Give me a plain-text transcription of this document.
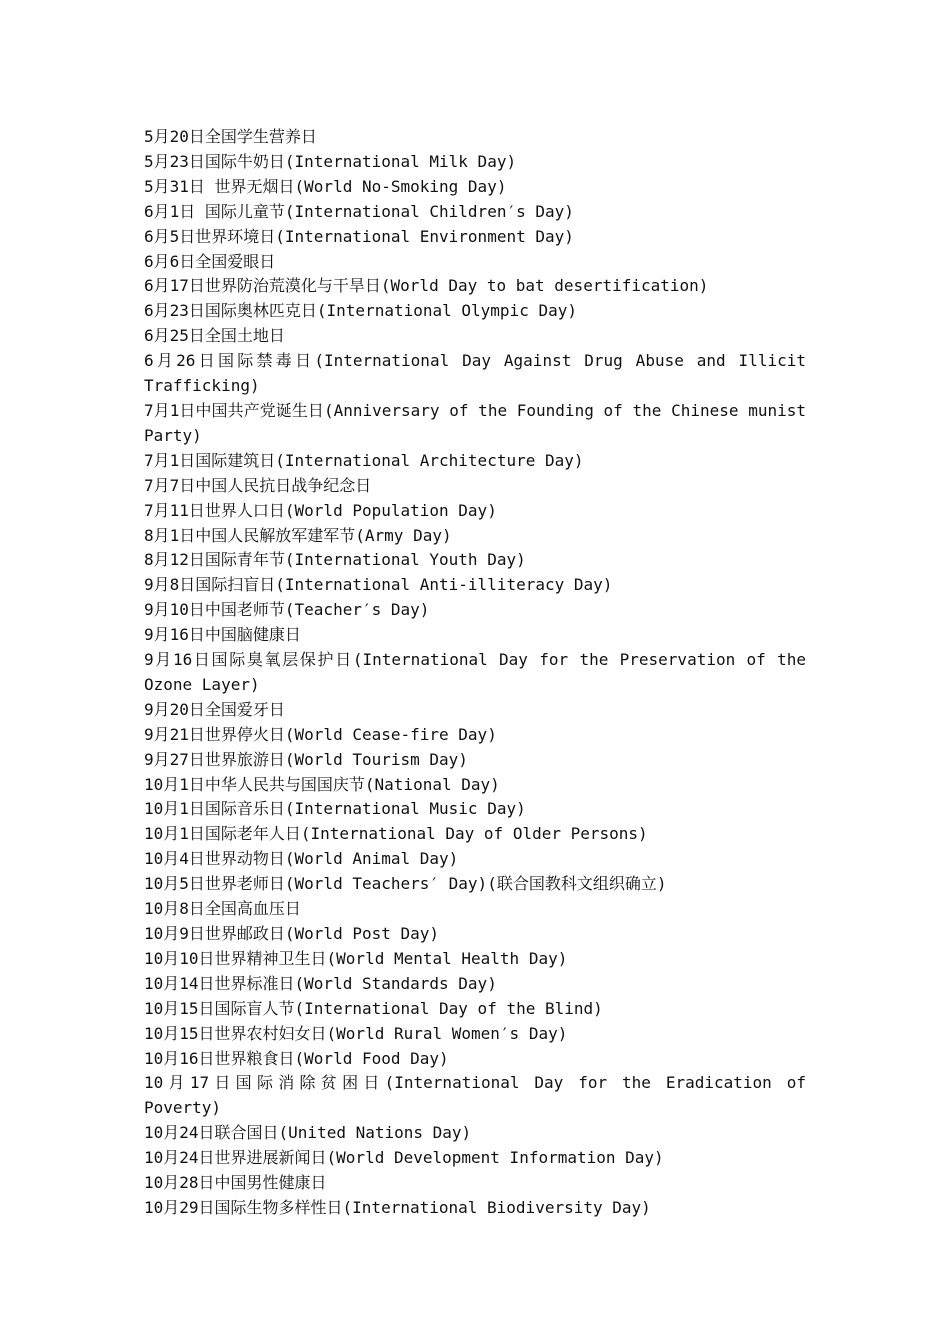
5月20日全国学生营养日
5月23日国际牛奶日(International Milk Day)
5月31日 世界无烟日(World No-Smoking Day)
6月1日 国际儿童节(International Children′s Day)
6月5日世界环境日(International Environment Day)
6月6日全国爱眼日
6月17日世界防治荒漠化与干旱日(World Day to bat desertification)
6月23日国际奥林匹克日(International Olympic Day)
6月25日全国土地日
6月26日国际禁毒日(International Day Against Drug Abuse and Illicit Trafficking)
7月1日中国共产党诞生日(Anniversary of the Founding of the Chinese munist Party)
7月1日国际建筑日(International Architecture Day)
7月7日中国人民抗日战争纪念日
7月11日世界人口日(World Population Day)
8月1日中国人民解放军建军节(Army Day)
8月12日国际青年节(International Youth Day)
9月8日国际扫盲日(International Anti-illiteracy Day)
9月10日中国老师节(Teacher′s Day)
9月16日中国脑健康日
9月16日国际臭氧层保护日(International Day for the Preservation of the Ozone Layer)
9月20日全国爱牙日
9月21日世界停火日(World Cease-fire Day)
9月27日世界旅游日(World Tourism Day)
10月1日中华人民共与国国庆节(National Day)
10月1日国际音乐日(International Music Day)
10月1日国际老年人日(International Day of Older Persons)
10月4日世界动物日(World Animal Day)
10月5日世界老师日(World Teachers′ Day)(联合国教科文组织确立)
10月8日全国高血压日
10月9日世界邮政日(World Post Day)
10月10日世界精神卫生日(World Mental Health Day)
10月14日世界标准日(World Standards Day)
10月15日国际盲人节(International Day of the Blind)
10月15日世界农村妇女日(World Rural Women′s Day)
10月16日世界粮食日(World Food Day)
10月17日国际消除贫困日(International Day for the Eradication of Poverty)
10月24日联合国日(United Nations Day)
10月24日世界进展新闻日(World Development Information Day)
10月28日中国男性健康日
10月29日国际生物多样性日(International Biodiversity Day)
